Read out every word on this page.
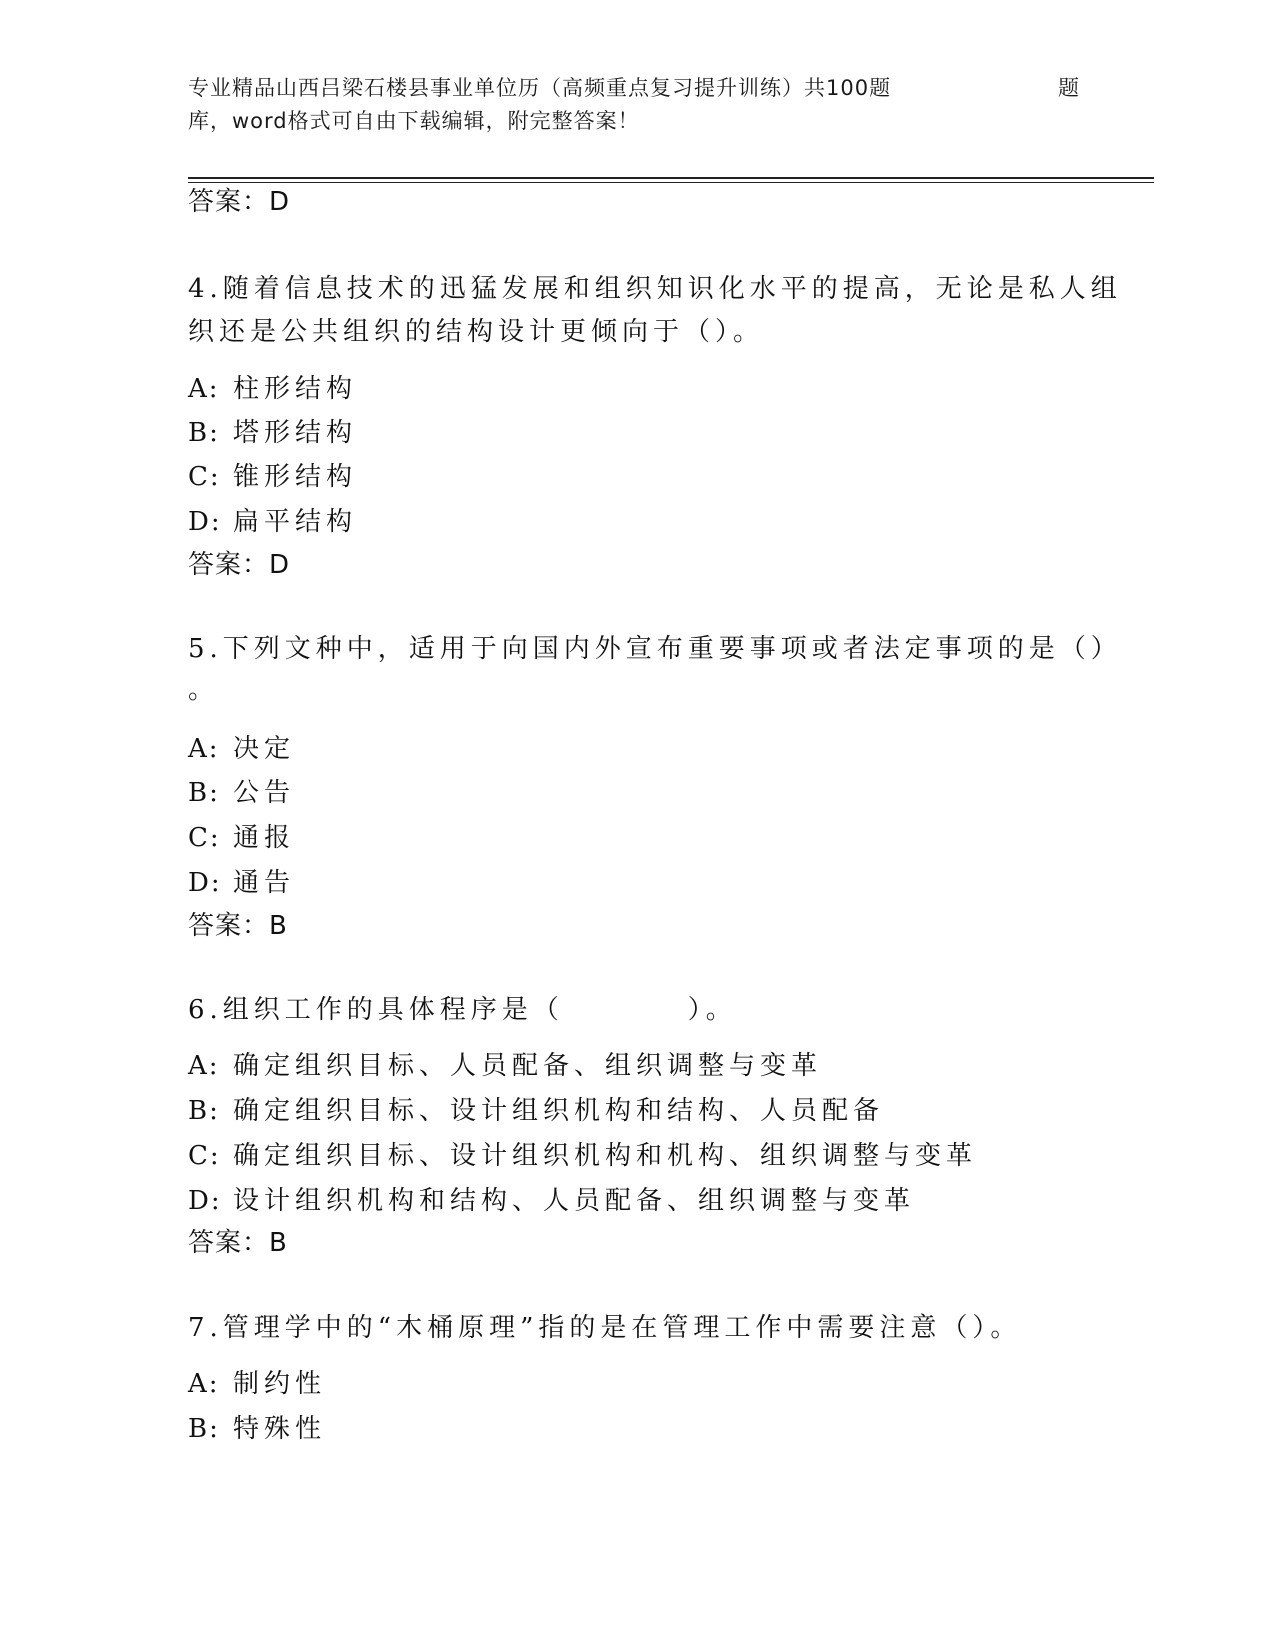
专业精品山西吕梁石楼县事业单位历（高频重点复习提升训练）共100题	题
库，word格式可自由下载编辑，附完整答案！
答案：D
4.随着信息技术的迅猛发展和组织知识化水平的提高，无论是私人组
织还是公共组织的结构设计更倾向于（）。
A: 柱形结构
B: 塔形结构
C: 锥形结构
D: 扁平结构
答案：D
5.下列文种中，适用于向国内外宣布重要事项或者法定事项的是（）
。
A: 决定
B: 公告
C: 通报
D: 通告
答案：B
6.组织工作的具体程序是（　　　　）。
A: 确定组织目标、人员配备、组织调整与变革
B: 确定组织目标、设计组织机构和结构、人员配备
C: 确定组织目标、设计组织机构和机构、组织调整与变革
D: 设计组织机构和结构、人员配备、组织调整与变革
答案：B
7.管理学中的“木桶原理”指的是在管理工作中需要注意（）。
A: 制约性
B: 特殊性
